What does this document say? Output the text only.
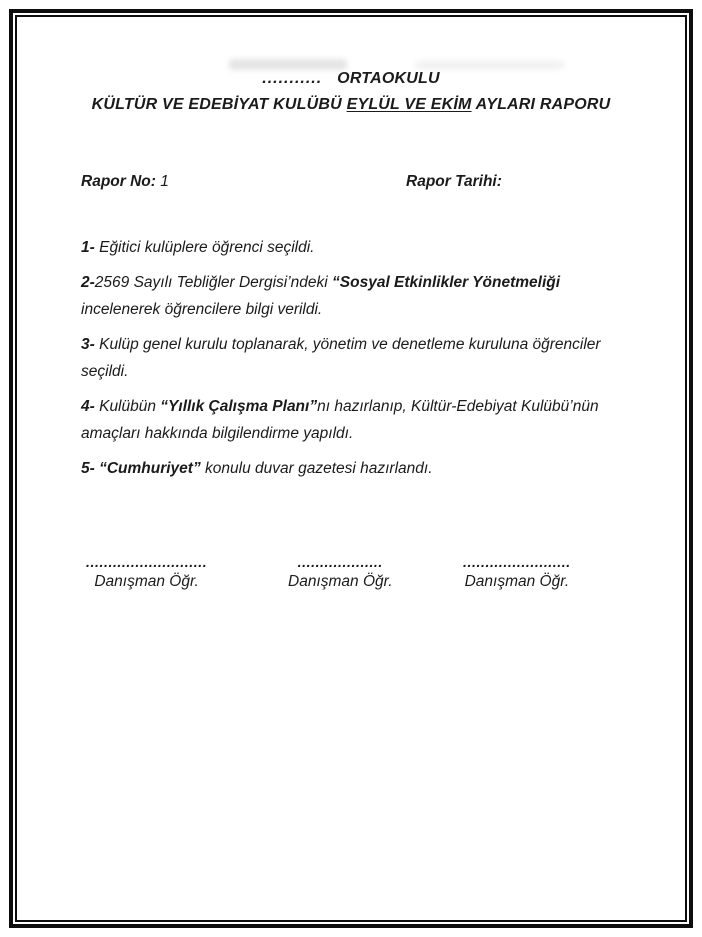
........... ORTAOKULU
KÜLTÜR VE EDEBİYAT KULÜBÜ EYLÜL VE EKİM AYLARI RAPORU
Rapor No: 1	Rapor Tarihi:

1- Eğitici kulüplere öğrenci seçildi.

2-2569 Sayılı Tebliğler Dergisi’ndeki “Sosyal Etkinlikler Yönetmeliği incelenerek öğrencilere bilgi verildi.

3- Kulüp genel kurulu toplanarak, yönetim ve denetleme kuruluna öğrenciler seçildi.

4- Kulübün “Yıllık Çalışma Planı”nı hazırlanıp, Kültür-Edebiyat Kulübü’nün amaçları hakkında bilgilendirme yapıldı.

5- “Cumhuriyet” konulu duvar gazetesi hazırlandı.

...........................
Danışman Öğr.
...................
Danışman Öğr.
........................
Danışman Öğr.
